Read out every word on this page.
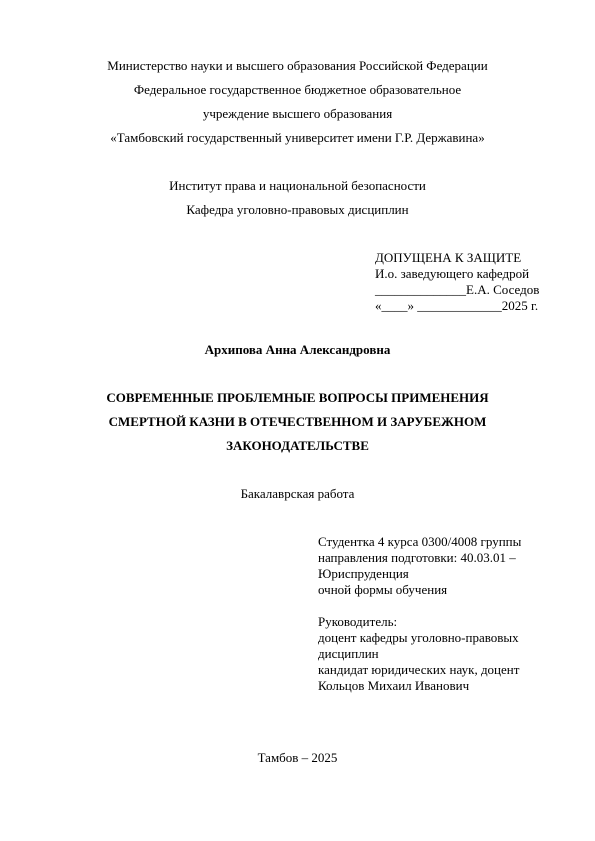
Министерство науки и высшего образования Российской Федерации
Федеральное государственное бюджетное образовательное
учреждение высшего образования
«Тамбовский государственный университет имени Г.Р. Державина»
Институт права и национальной безопасности
Кафедра уголовно-правовых дисциплин
ДОПУЩЕНА К ЗАЩИТЕ
И.о. заведующего кафедрой
______________Е.А. Соседов
«____» _____________2025 г.
Архипова Анна Александровна
СОВРЕМЕННЫЕ ПРОБЛЕМНЫЕ ВОПРОСЫ ПРИМЕНЕНИЯ
СМЕРТНОЙ КАЗНИ В ОТЕЧЕСТВЕННОМ И ЗАРУБЕЖНОМ
ЗАКОНОДАТЕЛЬСТВЕ
Бакалаврская работа
Студентка 4 курса 0300/4008 группы
направления подготовки: 40.03.01 –
Юриспруденция
очной формы обучения
Руководитель:
доцент кафедры уголовно-правовых
дисциплин
кандидат юридических наук, доцент
Кольцов Михаил Иванович
Тамбов – 2025
